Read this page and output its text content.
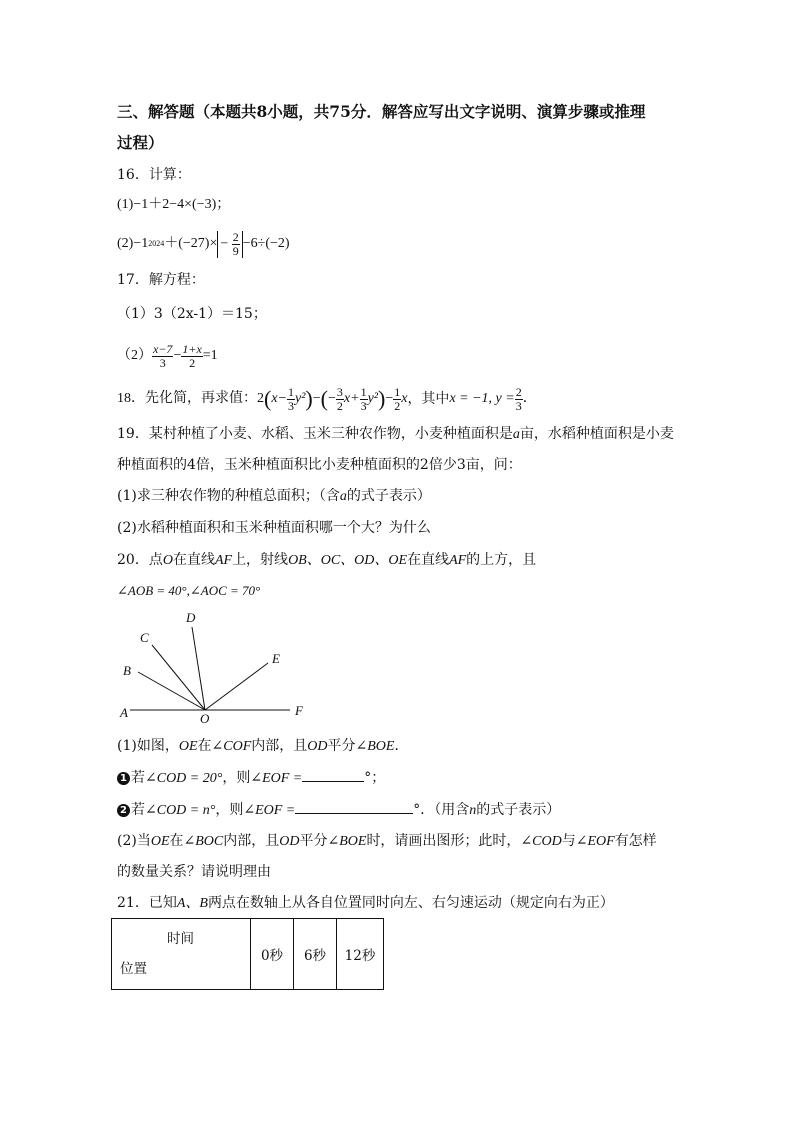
三、解答题（本题共8小题，共75分．解答应写出文字说明、演算步骤或推理
过程）
16．计算：
(1)−1＋2−4×(−3)；
(2) −1 $2024 +(-27)\times - \frac{2}{9} -6\div(-2)$
17．解方程：
（1）3（2x-1）＝15；
$(2) \frac{x-7}{3} - \frac{1+x}{2} =1$
18．先化简，再求值： 2 ( $x- \frac{1}{3} y^2$ ) − ( − $\frac{3}{2} x+ \frac{1}{3} y^2$ ) − $\frac{1}{2}$ x ，其中 x = −1, $y = \frac{2}{3}$ ．
19．某村种植了小麦、水稻、玉米三种农作物，小麦种植面积是a亩，水稻种植面积是小麦
种植面积的4倍，玉米种植面积比小麦种植面积的2倍少3亩，问：
(1)求三种农作物的种植总面积；（含a的式子表示）
(2)水稻种植面积和玉米种植面积哪一个大？为什么
20．点O在直线AF上，射线OB、OC、OD、OE在直线AF的上方，且
∠AOB = 40°,∠AOC = 70°
A
B
C
D
E
F
O
(1)如图，OE在∠COF内部，且OD平分∠BOE．
1 若∠COD = 20°，则∠EOF =	°；
2 若∠COD = n°，则∠EOF =	°．（用含n的式子表示）
(2)当OE在∠BOC内部，且OD平分∠BOE时，请画出图形；此时，∠COD与∠EOF有怎样
的数量关系？请说明理由
21．已知A、B两点在数轴上从各自位置同时向左、右匀速运动（规定向右为正）
时间
位置
	0秒	6秒	12秒
